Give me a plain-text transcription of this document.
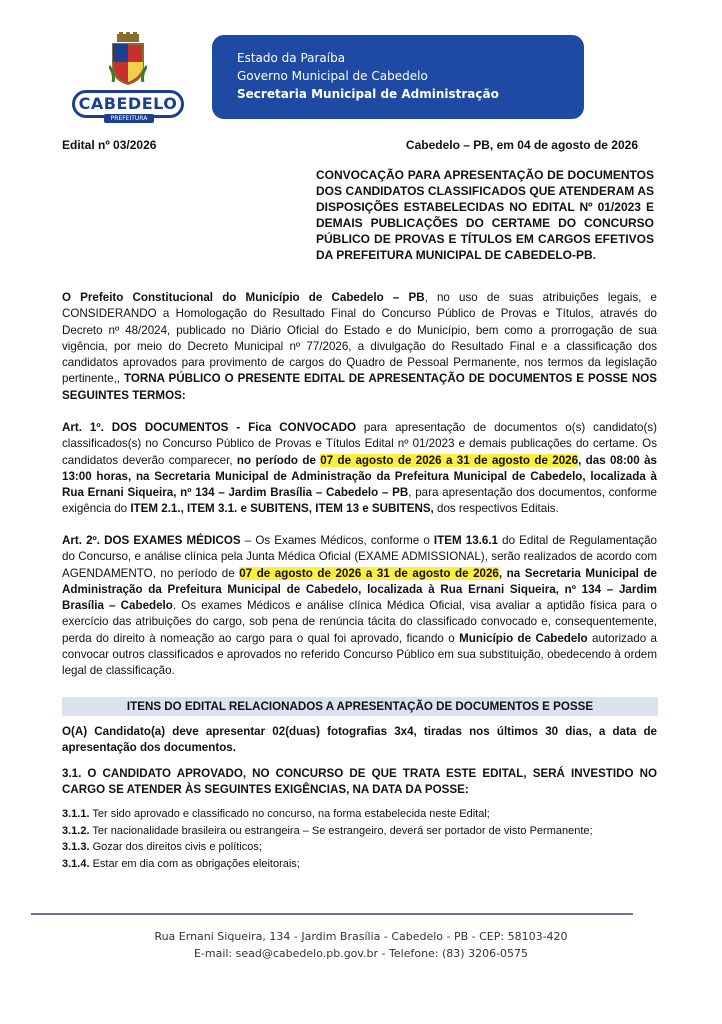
CABEDELO
PREFEITURA
Estado da Paraíba
Governo Municipal de Cabedelo
Secretaria Municipal de Administração
Edital nº 03/2026	Cabedelo – PB, em 04 de agosto de 2026
CONVOCAÇÃO PARA APRESENTAÇÃO DE DOCUMENTOS DOS CANDIDATOS CLASSIFICADOS QUE ATENDERAM AS DISPOSIÇÕES ESTABELECIDAS NO EDITAL Nº 01/2023 E DEMAIS PUBLICAÇÕES DO CERTAME DO CONCURSO PÚBLICO DE PROVAS E TÍTULOS EM CARGOS EFETIVOS DA PREFEITURA MUNICIPAL DE CABEDELO-PB.
O Prefeito Constitucional do Município de Cabedelo – PB, no uso de suas atribuições legais, e CONSIDERANDO a Homologação do Resultado Final do Concurso Público de Provas e Títulos, através do Decreto nº 48/2024, publicado no Diário Oficial do Estado e do Município, bem como a prorrogação de sua vigência, por meio do Decreto Municipal nº 77/2026, a divulgação do Resultado Final e a classificação dos candidatos aprovados para provimento de cargos do Quadro de Pessoal Permanente, nos termos da legislação pertinente,, TORNA PÚBLICO O PRESENTE EDITAL DE APRESENTAÇÃO DE DOCUMENTOS E POSSE NOS SEGUINTES TERMOS:
Art. 1º. DOS DOCUMENTOS - Fica CONVOCADO para apresentação de documentos o(s) candidato(s) classificados(s) no Concurso Público de Provas e Títulos Edital nº 01/2023 e demais publicações do certame. Os candidatos deverão comparecer, no período de 07 de agosto de 2026 a 31 de agosto de 2026, das 08:00 às 13:00 horas, na Secretaria Municipal de Administração da Prefeitura Municipal de Cabedelo, localizada à Rua Ernani Siqueira, nº 134 – Jardim Brasília – Cabedelo – PB, para apresentação dos documentos, conforme exigência do ITEM 2.1., ITEM 3.1. e SUBITENS, ITEM 13 e SUBITENS, dos respectivos Editais.
Art. 2º. DOS EXAMES MÉDICOS – Os Exames Médicos, conforme o ITEM 13.6.1 do Edital de Regulamentação do Concurso, e análise clínica pela Junta Médica Oficial (EXAME ADMISSIONAL), serão realizados de acordo com AGENDAMENTO, no período de 07 de agosto de 2026 a 31 de agosto de 2026, na Secretaria Municipal de Administração da Prefeitura Municipal de Cabedelo, localizada à Rua Ernani Siqueira, nº 134 – Jardim Brasília – Cabedelo. Os exames Médicos e análise clínica Médica Oficial, visa avaliar a aptidão física para o exercício das atribuições do cargo, sob pena de renúncia tácita do classificado convocado e, consequentemente, perda do direito à nomeação ao cargo para o qual foi aprovado, ficando o Município de Cabedelo autorizado a convocar outros classificados e aprovados no referido Concurso Público em sua substituição, obedecendo à ordem legal de classificação.
ITENS DO EDITAL RELACIONADOS A APRESENTAÇÃO DE DOCUMENTOS E POSSE
O(A) Candidato(a) deve apresentar 02(duas) fotografias 3x4, tiradas nos últimos 30 dias, a data de apresentação dos documentos.
3.1. O CANDIDATO APROVADO, NO CONCURSO DE QUE TRATA ESTE EDITAL, SERÁ INVESTIDO NO CARGO SE ATENDER ÀS SEGUINTES EXIGÊNCIAS, NA DATA DA POSSE:
3.1.1. Ter sido aprovado e classificado no concurso, na forma estabelecida neste Edital;
3.1.2. Ter nacionalidade brasileira ou estrangeira – Se estrangeiro, deverá ser portador de visto Permanente;
3.1.3. Gozar dos direitos civis e políticos;
3.1.4. Estar em dia com as obrigações eleitorais;
Rua Ernani Siqueira, 134 - Jardim Brasília - Cabedelo - PB - CEP: 58103-420
E-mail: sead@cabedelo.pb.gov.br - Telefone: (83) 3206-0575
